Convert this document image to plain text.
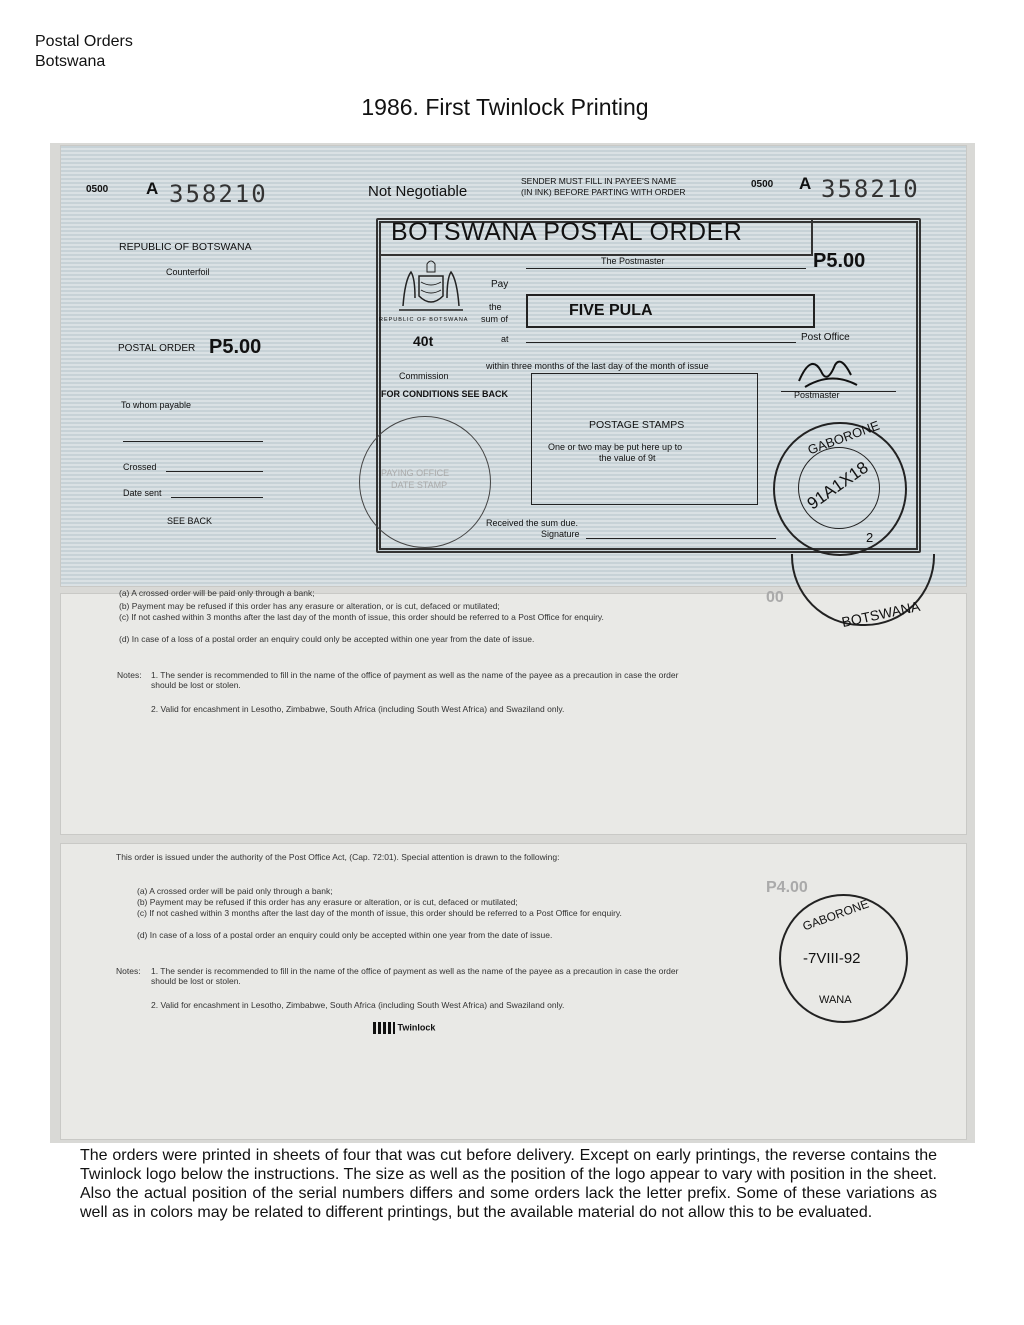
Postal Orders
Botswana
1986. First Twinlock Printing
0500 A 358210	Not Negotiable
SENDER MUST FILL IN PAYEE'S NAME
(IN INK) BEFORE PARTING WITH ORDER
0500 A 358210
REPUBLIC OF BOTSWANA
Counterfoil
POSTAL ORDER P5.00
To whom payable
Crossed
Date sent
SEE BACK
BOTSWANA POSTAL ORDER
The Postmaster	P5.00
REPUBLIC OF BOTSWANA
Pay
the
sum of	FIVE PULA
40t	at	Post Office
within three months of the last day of the month of issue
Commission
FOR CONDITIONS SEE BACK	Postmaster
PAYING OFFICE
DATE STAMP
POSTAGE STAMPS
One or two may be put here up to
the value of 9t
Received the sum due.
Signature
GABORONE
91A1X18
2
(a) A crossed order will be paid only through a bank;
(b) Payment may be refused if this order has any erasure or alteration, or is cut, defaced or mutilated;
(c) If not cashed within 3 months after the last day of the month of issue, this order should be referred to a Post Office for enquiry.
(d) In case of a loss of a postal order an enquiry could only be accepted within one year from the date of issue.
Notes: 1. The sender is recommended to fill in the name of the office of payment as well as the name of the payee as a precaution in case the order should be lost or stolen.
2. Valid for encashment in Lesotho, Zimbabwe, South Africa (including South West Africa) and Swaziland only.
BOTSWANA
00
This order is issued under the authority of the Post Office Act, (Cap. 72:01). Special attention is drawn to the following:
(a) A crossed order will be paid only through a bank;
(b) Payment may be refused if this order has any erasure or alteration, or is cut, defaced or mutilated;
(c) If not cashed within 3 months after the last day of the month of issue, this order should be referred to a Post Office for enquiry.
(d) In case of a loss of a postal order an enquiry could only be accepted within one year from the date of issue.
Notes: 1. The sender is recommended to fill in the name of the office of payment as well as the name of the payee as a precaution in case the order should be lost or stolen.
2. Valid for encashment in Lesotho, Zimbabwe, South Africa (including South West Africa) and Swaziland only.
Twinlock
GABORONE
-7VIII-92
WANA
P4.00
The orders were printed in sheets of four that was cut before delivery. Except on early printings, the reverse contains the Twinlock logo below the instructions. The size as well as the position of the logo appear to vary with position in the sheet. Also the actual position of the serial numbers differs and some orders lack the letter prefix. Some of these variations as well as in colors may be related to different printings, but the available material do not allow this to be evaluated.
